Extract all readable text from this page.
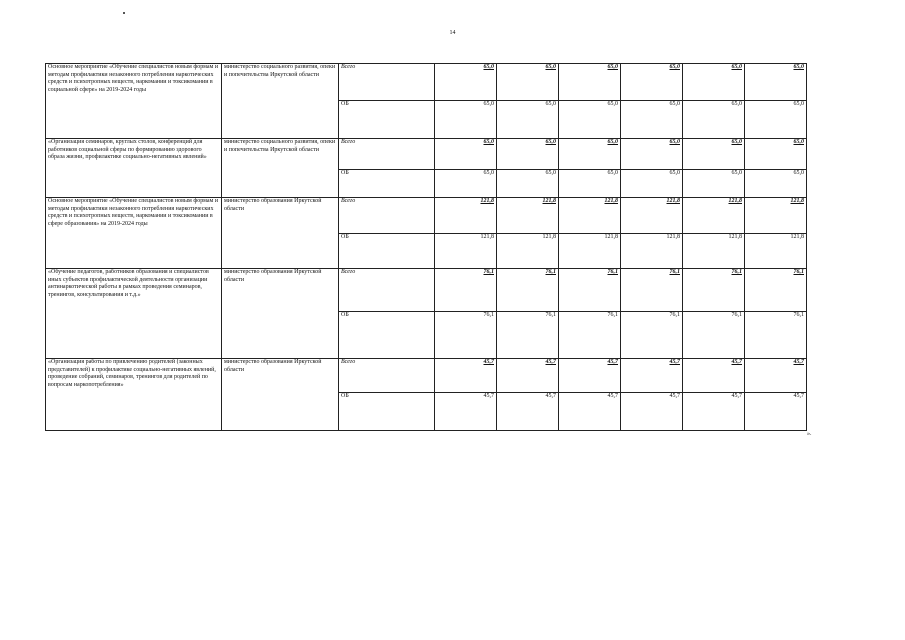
14
Основное мероприятие «Обучение специалистов новым формам и методам профилактики незаконного потребления наркотических средств и психотропных веществ, наркомании и токсикомании в социальной сфере» на 2019-2024 годы	министерство социального развития, опеки и попечительства Иркутской области	Всего	65,0	65,0	65,0	65,0	65,0	65,0
		ОБ	65,0	65,0	65,0	65,0	65,0	65,0
«Организация семинаров, круглых столов, конференций для работников социальной сферы по формированию здорового образа жизни, профилактике социально-негативных явлений»	министерство социального развития, опеки и попечительства Иркутской области	Всего	65,0	65,0	65,0	65,0	65,0	65,0
		ОБ	65,0	65,0	65,0	65,0	65,0	65,0
Основное мероприятие «Обучение специалистов новым формам и методам профилактики незаконного потребления наркотических средств и психотропных веществ, наркомании и токсикомании в сфере образования» на 2019-2024 годы	министерство образования Иркутской области	Всего	121,8	121,8	121,8	121,8	121,8	121,8
		ОБ	121,8	121,8	121,8	121,8	121,8	121,8
«Обучение педагогов, работников образования и специалистов иных субъектов профилактической деятельности организации антинаркотической работы в рамках проведения семинаров, тренингов, консультирования и т.д.»	министерство образования Иркутской области	Всего	76,1	76,1	76,1	76,1	76,1	76,1
		ОБ	76,1	76,1	76,1	76,1	76,1	76,1
«Организация работы по привлечению родителей (законных представителей) к профилактике социально-негативных явлений, проведение собраний, семинаров, тренингов для родителей по вопросам наркопотребления»	министерство образования Иркутской области	Всего	45,7	45,7	45,7	45,7	45,7	45,7
		ОБ	45,7	45,7	45,7	45,7	45,7	45,7
».
